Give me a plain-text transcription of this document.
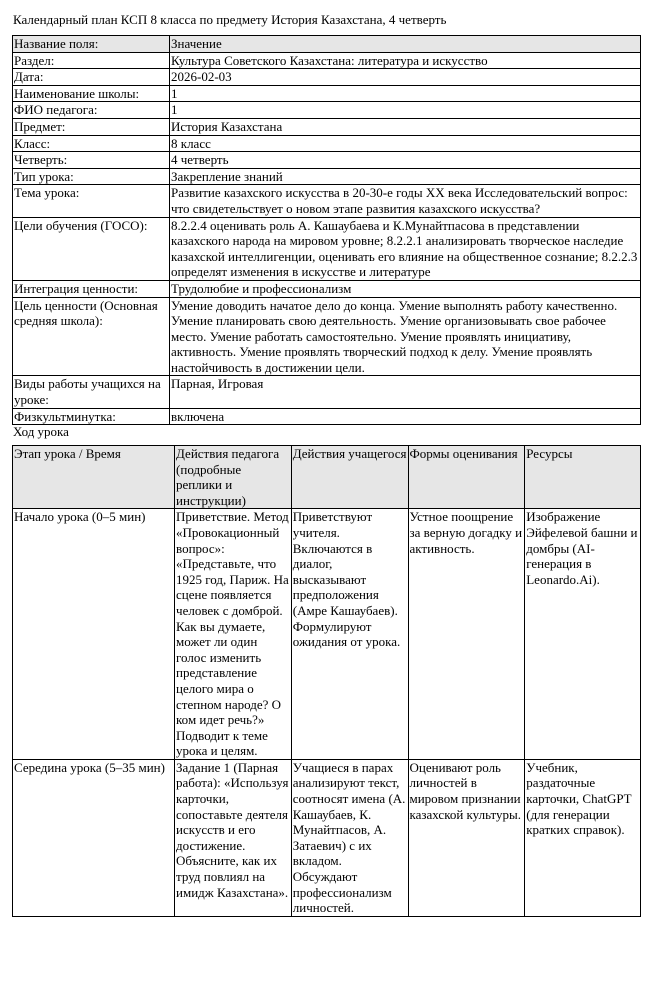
Календарный план КСП 8 класса по предмету История Казахстана, 4 четверть
Название поля:	Значение
Раздел:	Культура Советского Казахстана: литература и искусство
Дата:	2026-02-03
Наименование школы:	1
ФИО педагога:	1
Предмет:	История Казахстана
Класс:	8 класс
Четверть:	4 четверть
Тип урока:	Закрепление знаний
Тема урока:	Развитие казахского искусства в 20-30-е годы XX века Исследовательский вопрос: что свидетельствует о новом этапе развития казахского искусства?
Цели обучения (ГОСО):	8.2.2.4 оценивать роль А. Кашаубаева и К.Мунайтпасова в представлении казахского народа на мировом уровне; 8.2.2.1 анализировать творческое наследие казахской интеллигенции, оценивать его влияние на общественное сознание; 8.2.2.3 определят изменения в искусстве и литературе
Интеграция ценности:	Трудолюбие и профессионализм
Цель ценности (Основная средняя школа):	Умение доводить начатое дело до конца. Умение выполнять работу качественно. Умение планировать свою деятельность. Умение организовывать свое рабочее место. Умение работать самостоятельно. Умение проявлять инициативу, активность. Умение проявлять творческий подход к делу. Умение проявлять настойчивость в достижении цели.
Виды работы учащихся на уроке:	Парная, Игровая
Физкультминутка:	включена
Ход урока
Этап урока / Время	Действия педагога (подробные реплики и инструкции)	Действия учащегося	Формы оценивания	Ресурсы
Начало урока (0–5 мин)	Приветствие. Метод «Провокационный вопрос»: «Представьте, что 1925 год, Париж. На сцене появляется человек с домброй. Как вы думаете, может ли один голос изменить представление целого мира о степном народе? О ком идет речь?» Подводит к теме урока и целям.	Приветствуют учителя. Включаются в диалог, высказывают предположения (Амре Кашаубаев). Формулируют ожидания от урока.	Устное поощрение за верную догадку и активность.	Изображение Эйфелевой башни и домбры (AI-генерация в Leonardo.Ai).
Середина урока (5–35 мин)	Задание 1 (Парная работа): «Используя карточки, сопоставьте деятеля искусств и его достижение. Объясните, как их труд повлиял на имидж Казахстана».	Учащиеся в парах анализируют текст, соотносят имена (А. Кашаубаев, К. Мунайтпасов, А. Затаевич) с их вкладом. Обсуждают профессионализм личностей.	Оценивают роль личностей в мировом признании казахской культуры.	Учебник, раздаточные карточки, ChatGPT (для генерации кратких справок).
